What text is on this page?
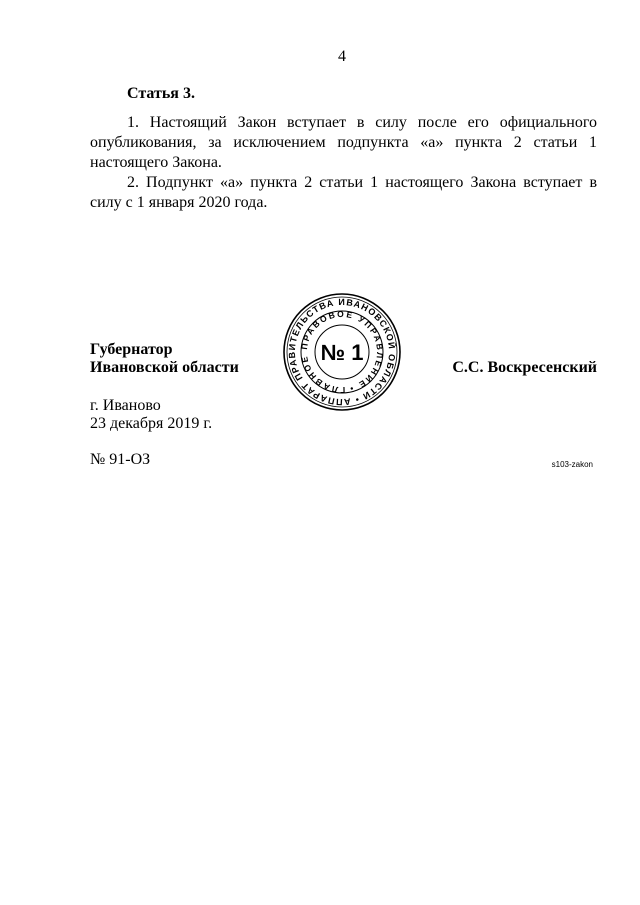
4
Статья 3.

1. Настоящий Закон вступает в силу после его официального опубликования, за исключением подпункта «а» пункта 2 статьи 1 настоящего Закона.

2. Подпункт «а» пункта 2 статьи 1 настоящего Закона вступает в силу с 1 января 2020 года.

Губернатор
Ивановской области	С.С. Воскресенский
АППАРАТ ПРАВИТЕЛЬСТВА ИВАНОВСКОЙ ОБЛАСТИ •
ГЛАВНОЕ ПРАВОВОЕ УПРАВЛЕНИЕ •
№ 1
г. Иваново
23 декабря 2019 г.
№ 91-ОЗ	s103-zakon
